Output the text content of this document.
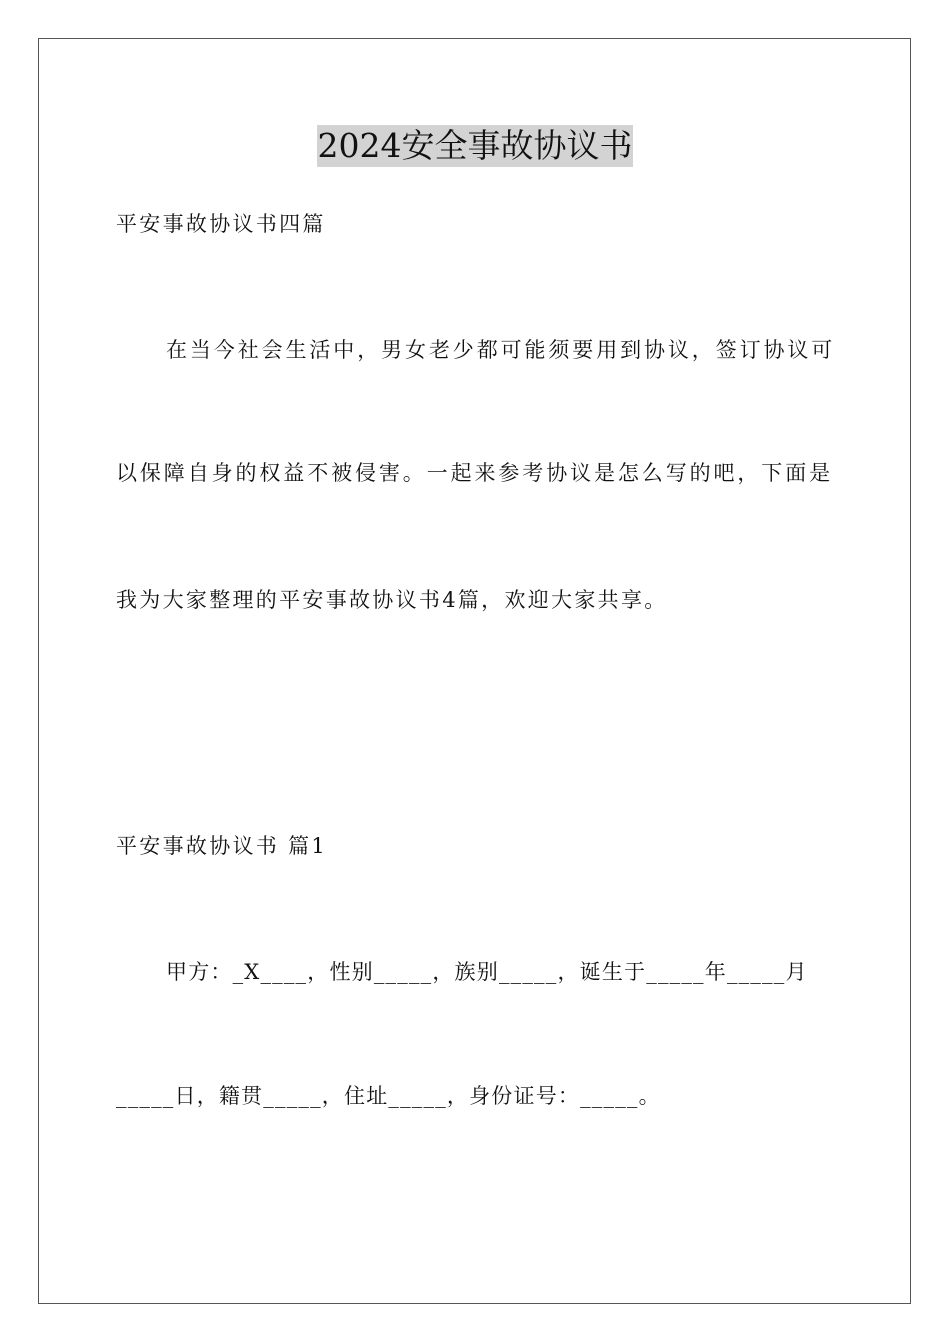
2024安全事故协议书
平安事故协议书四篇
在当今社会生活中，男女老少都可能须要用到协议，签订协议可
以保障自身的权益不被侵害。一起来参考协议是怎么写的吧，下面是
我为大家整理的平安事故协议书4篇，欢迎大家共享。
平安事故协议书 篇1
甲方：_X____，性别_____，族别_____，诞生于_____年_____月
_____日，籍贯_____，住址_____，身份证号：_____。
